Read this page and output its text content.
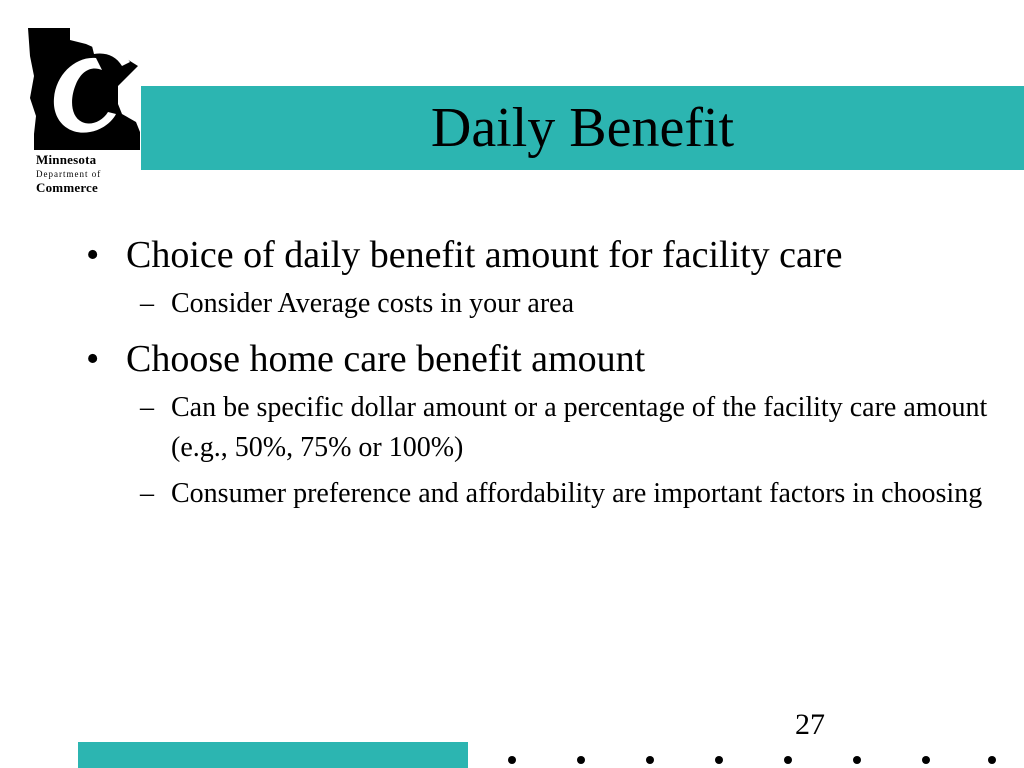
Daily Benefit
Minnesota
Department of
Commerce
• Choice of daily benefit amount for facility care
– Consider Average costs in your area
• Choose home care benefit amount
– Can be specific dollar amount or a percentage of the facility care amount (e.g., 50%, 75% or 100%)
– Consumer preference and affordability are important factors in choosing
27
